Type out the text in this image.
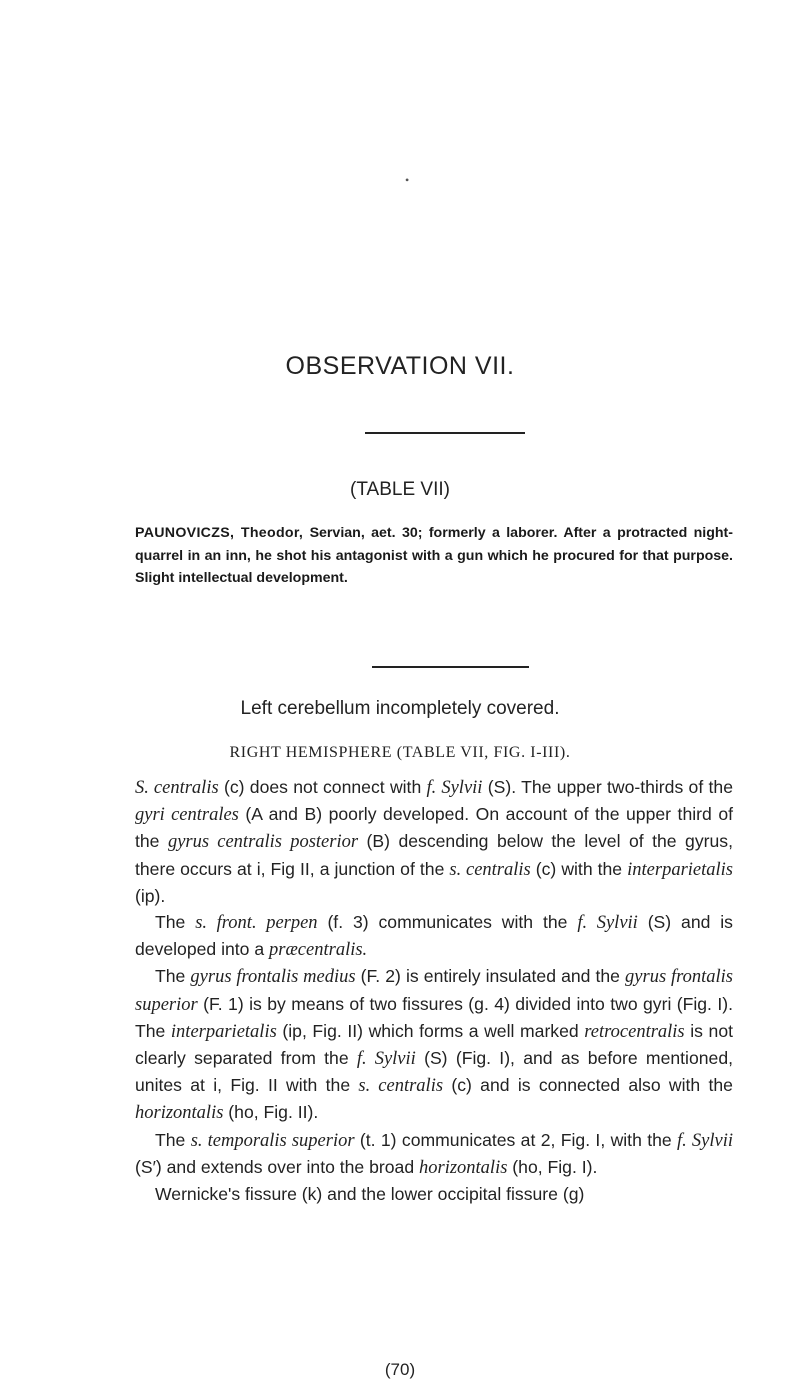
•
OBSERVATION VII.
(TABLE VII)
PAUNOVICZS, Theodor, Servian, aet. 30; formerly a laborer. After a protracted night-quarrel in an inn, he shot his antagonist with a gun which he procured for that purpose. Slight intellectual development.
Left cerebellum incompletely covered.
RIGHT HEMISPHERE (TABLE VII, FIG. I-III).

S. centralis (c) does not connect with f. Sylvii (S). The upper two-thirds of the gyri centrales (A and B) poorly developed. On account of the upper third of the gyrus centralis posterior (B) descending below the level of the gyrus, there occurs at i, Fig II, a junction of the s. centralis (c) with the interparietalis (ip).

The s. front. perpen (f. 3) communicates with the f. Sylvii (S) and is developed into a præcentralis.

The gyrus frontalis medius (F. 2) is entirely insulated and the gyrus frontalis superior (F. 1) is by means of two fissures (g. 4) divided into two gyri (Fig. I). The interparietalis (ip, Fig. II) which forms a well marked retrocentralis is not clearly separated from the f. Sylvii (S) (Fig. I), and as before mentioned, unites at i, Fig. II with the s. centralis (c) and is connected also with the horizontalis (ho, Fig. II).

The s. temporalis superior (t. 1) communicates at 2, Fig. I, with the f. Sylvii (S′) and extends over into the broad horizontalis (ho, Fig. I).

Wernicke's fissure (k) and the lower occipital fissure (g)

(70)
